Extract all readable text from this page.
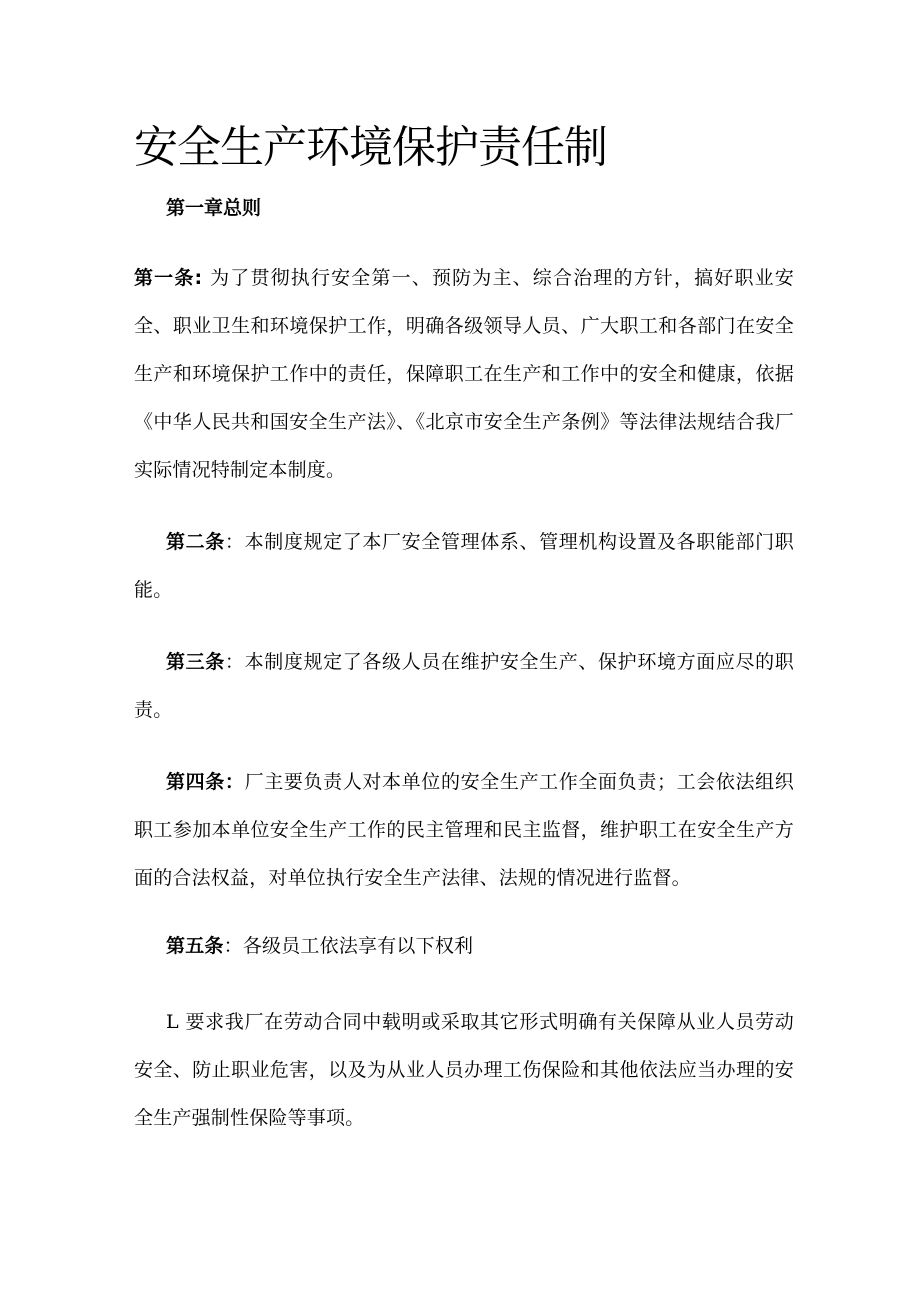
安全生产环境保护责任制
第一章总则

第一条: 为了贯彻执行安全第一、预防为主、综合治理的方针，搞好职业安全、职业卫生和环境保护工作，明确各级领导人员、广大职工和各部门在安全生产和环境保护工作中的责任，保障职工在生产和工作中的安全和健康，依据《中华人民共和国安全生产法》、《北京市安全生产条例》等法律法规结合我厂实际情况特制定本制度。

第二条：本制度规定了本厂安全管理体系、管理机构设置及各职能部门职能。

第三条：本制度规定了各级人员在维护安全生产、保护环境方面应尽的职责。

第四条：厂主要负责人对本单位的安全生产工作全面负责；工会依法组织职工参加本单位安全生产工作的民主管理和民主监督，维护职工在安全生产方面的合法权益，对单位执行安全生产法律、法规的情况进行监督。

第五条：各级员工依法享有以下权利

L 要求我厂在劳动合同中载明或采取其它形式明确有关保障从业人员劳动安全、防止职业危害，以及为从业人员办理工伤保险和其他依法应当办理的安全生产强制性保险等事项。
